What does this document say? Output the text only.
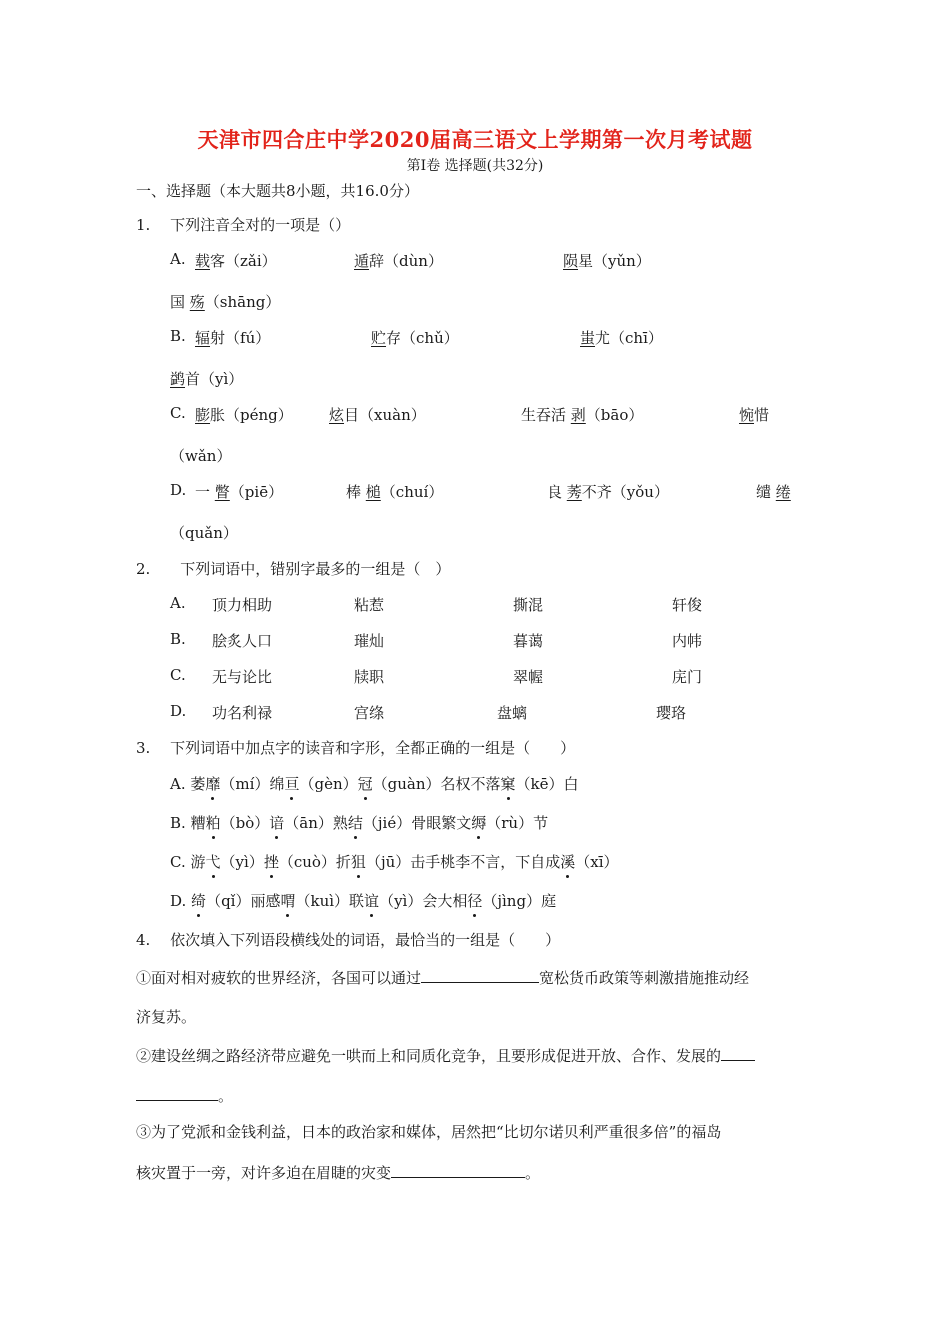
天津市四合庄中学2020届高三语文上学期第一次月考试题
第Ⅰ卷 选择题(共32分)
一、选择题（本大题共8小题，共16.0分）
1.　 下列注音全对的一项是（）
A. 载客（zǎi）	遁辞（dùn）	陨星（yǔn）
国 殇（shāng）
B. 辐射（fú）	贮存（chǔ）	蚩尤（chī）
鹢首（yì）
C. 膨胀（péng） 炫目（xuàn）	生吞活 剥（bāo）	惋惜
（wǎn）
D. 一 瞥（piē）	棒 槌（chuí）	良 莠不齐（yǒu）	缱 绻
（quǎn）
2.　　下列词语中，错别字最多的一组是（　）
A. 顶力相助	粘惹	撕混	轩俊
B. 脍炙人口	璀灿	暮蔼	内帏
C. 无与论比	牍职	翠幄	庑门
D. 功名利禄	宫绦	盘螭	璎珞
3.　 下列词语中加点字的读音和字形，全都正确的一组是（　　）
A. 萎靡（mí）绵亘（gèn）冠（guàn）名权不落窠（kē）白
B. 糟粕（bò）谙（ān）熟结（jié）骨眼繁文缛（rù）节
C. 游弋（yì）挫（cuò）折狙（jū）击手桃李不言，下自成溪（xī）
D. 绮（qǐ）丽感喟（kuì）联谊（yì）会大相径（jìng）庭
4.　 依次填入下列语段横线处的词语，最恰当的一组是（　　）
①面对相对疲软的世界经济，各国可以通过	宽松货币政策等刺激措施推动经
济复苏。
②建设丝绸之路经济带应避免一哄而上和同质化竞争，且要形成促进开放、合作、发展的
。
③为了党派和金钱利益，日本的政治家和媒体，居然把“比切尔诺贝利严重很多倍”的福岛
核灾置于一旁，对许多迫在眉睫的灾变	。
